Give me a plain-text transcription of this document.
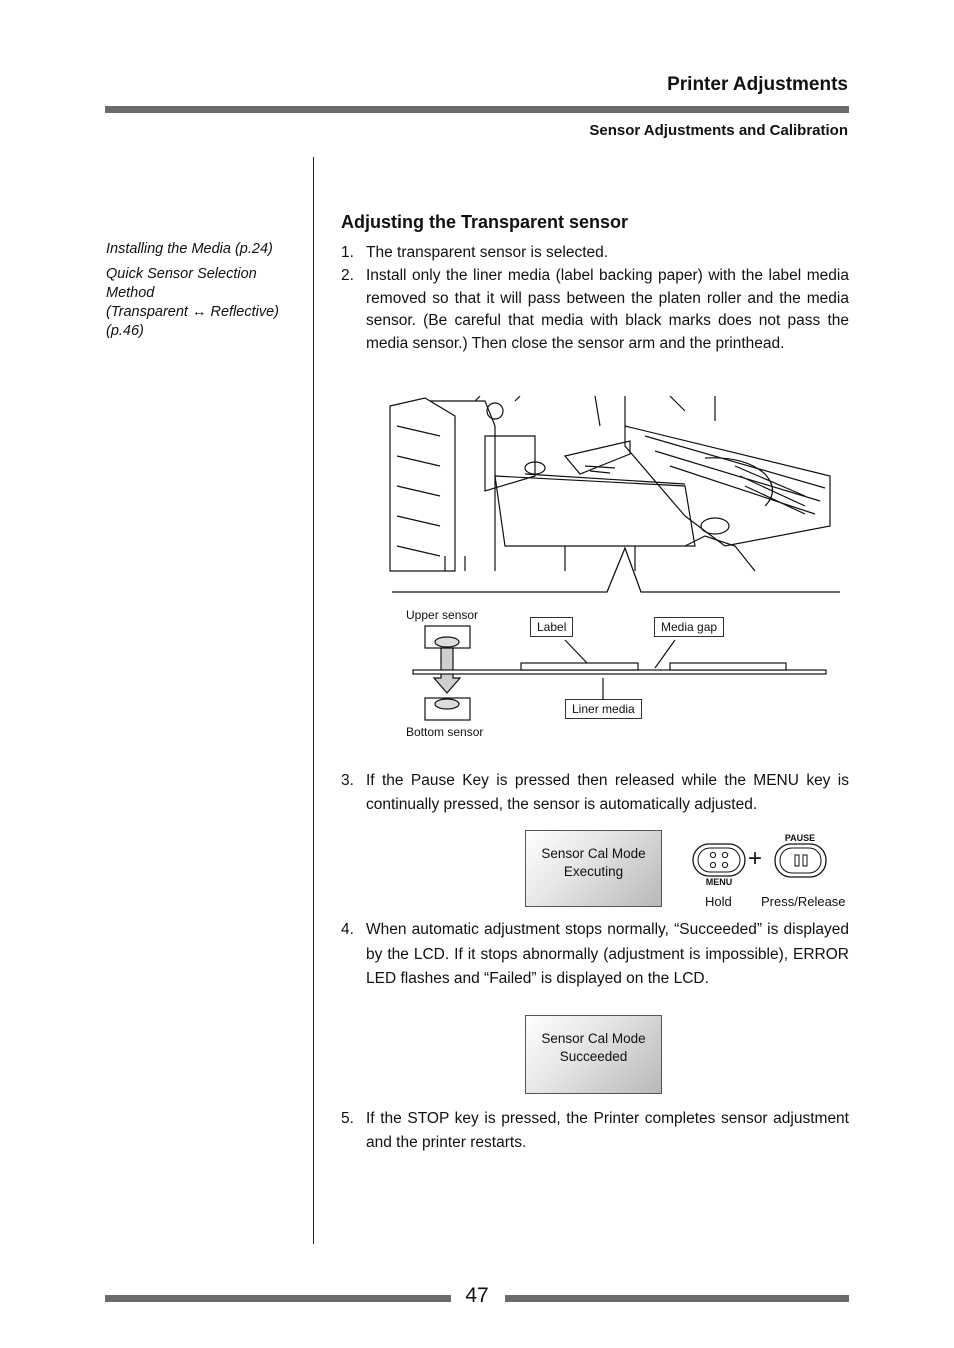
Printer Adjustments
Sensor Adjustments and Calibration
Installing the Media (p.24)
Quick Sensor Selection
Method
(Transparent ↔ Reflective)
(p.46)
Adjusting the Transparent sensor
1. The transparent sensor is selected.
2. Install only the liner media (label backing paper) with the label media removed so that it will pass between the platen roller and the media sensor. (Be careful that media with black marks does not pass the media sensor.) Then close the sensor arm and the printhead.
Upper sensor
Label	Media gap
Liner media
Bottom sensor
3. If the Pause Key is pressed then released while the MENU key is continually pressed, the sensor is automatically adjusted.
Sensor Cal Mode
Executing
MENU
+
PAUSE
Hold Press/Release
4. When automatic adjustment stops normally, “Succeeded” is displayed by the LCD. If it stops abnormally (adjustment is impossible), ERROR LED flashes and “Failed” is displayed on the LCD.
Sensor Cal Mode
Succeeded
5. If the STOP key is pressed, the Printer completes sensor adjustment and the printer restarts.
47
